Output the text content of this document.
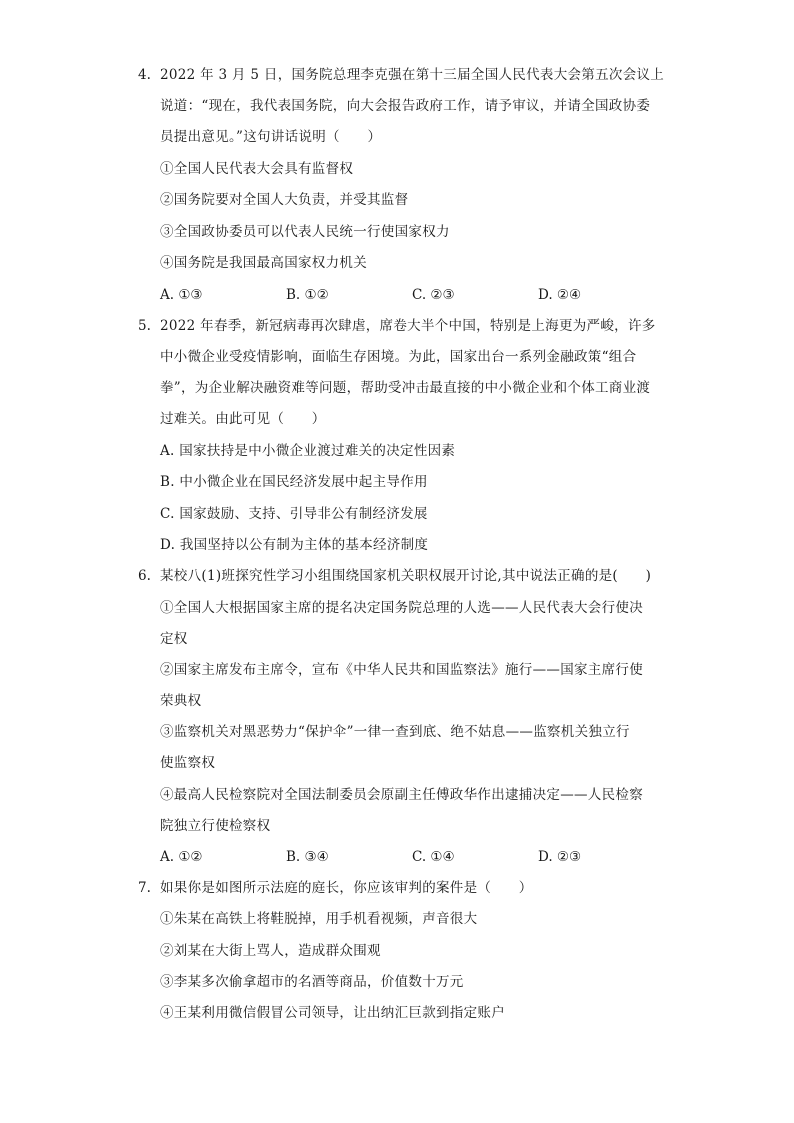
4. 2022 年 3 月 5 日，国务院总理李克强在第十三届全国人民代表大会第五次会议上
说道：“现在，我代表国务院，向大会报告政府工作，请予审议，并请全国政协委
员提出意见。”这句讲话说明（　　）
①全国人民代表大会具有监督权
②国务院要对全国人大负责，并受其监督
③全国政协委员可以代表人民统一行使国家权力
④国务院是我国最高国家权力机关
A. ①③	B. ①②	C. ②③	D. ②④
5. 2022 年春季，新冠病毒再次肆虐，席卷大半个中国，特别是上海更为严峻，许多
中小微企业受疫情影响，面临生存困境。为此，国家出台一系列金融政策“组合
拳”，为企业解决融资难等问题，帮助受冲击最直接的中小微企业和个体工商业渡
过难关。由此可见（　　）
A. 国家扶持是中小微企业渡过难关的决定性因素
B. 中小微企业在国民经济发展中起主导作用
C. 国家鼓励、支持、引导非公有制经济发展
D. 我国坚持以公有制为主体的基本经济制度
6. 某校八(1)班探究性学习小组围绕国家机关职权展开讨论,其中说法正确的是(　　)
①全国人大根据国家主席的提名决定国务院总理的人选——人民代表大会行使决
定权
②国家主席发布主席令，宣布《中华人民共和国监察法》施行——国家主席行使
荣典权
③监察机关对黑恶势力“保护伞”一律一查到底、绝不姑息——监察机关独立行
使监察权
④最高人民检察院对全国法制委员会原副主任傅政华作出逮捕决定——人民检察
院独立行使检察权
A. ①②	B. ③④	C. ①④	D. ②③
7. 如果你是如图所示法庭的庭长，你应该审判的案件是（　　）
①朱某在高铁上将鞋脱掉，用手机看视频，声音很大
②刘某在大街上骂人，造成群众围观
③李某多次偷拿超市的名酒等商品，价值数十万元
④王某利用微信假冒公司领导，让出纳汇巨款到指定账户
